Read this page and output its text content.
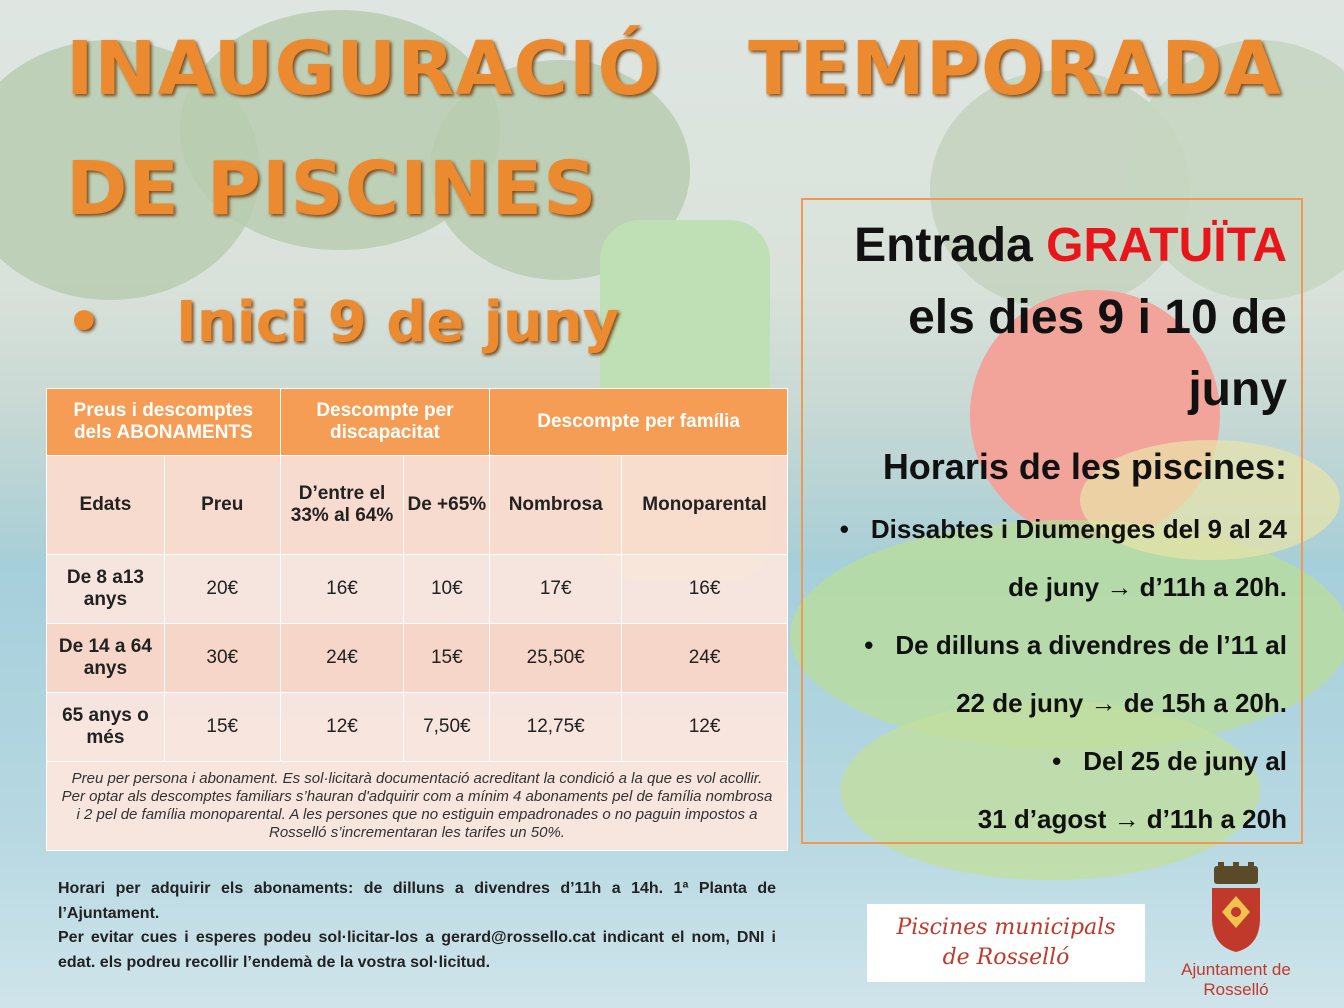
INAUGURACIÓ TEMPORADA
DE PISCINES
• Inici 9 de juny
Preus i descomptes dels ABONAMENTS		Descompte per discapacitat		Descompte per família	
Edats	Preu	D’entre el 33% al 64%	De +65%	Nombrosa	Monoparental
De 8 a13 anys	20€	16€	10€	17€	16€
De 14 a 64 anys	30€	24€	15€	25,50€	24€
65 anys o més	15€	12€	7,50€	12,75€	12€
Preu per persona i abonament. Es sol·licitarà documentació acreditant la condició a la que es vol acollir. Per optar als descomptes familiars s’hauran d'adquirir com a mínim 4 abonaments pel de família nombrosa i 2 pel de família monoparental. A les persones que no estiguin empadronades o no paguin impostos a Rosselló s’incrementaran les tarifes un 50%.					
Entrada GRATUÏTA
els dies 9 i 10 de
juny
Horaris de les piscines:
• Dissabtes i Diumenges del 9 al 24
de juny → d’11h a 20h.
• De dilluns a divendres de l’11 al
22 de juny → de 15h a 20h.
• Del 25 de juny al
31 d’agost → d’11h a 20h
Horari per adquirir els abonaments: de dilluns a divendres d’11h a 14h. 1ª Planta de l’Ajuntament.
Per evitar cues i esperes podeu sol·licitar-los a gerard@rossello.cat indicant el nom, DNI i edat. els podreu recollir l’endemà de la vostra sol·licitud.
Piscines municipals
de Rosselló	Ajuntament de
Rosselló
